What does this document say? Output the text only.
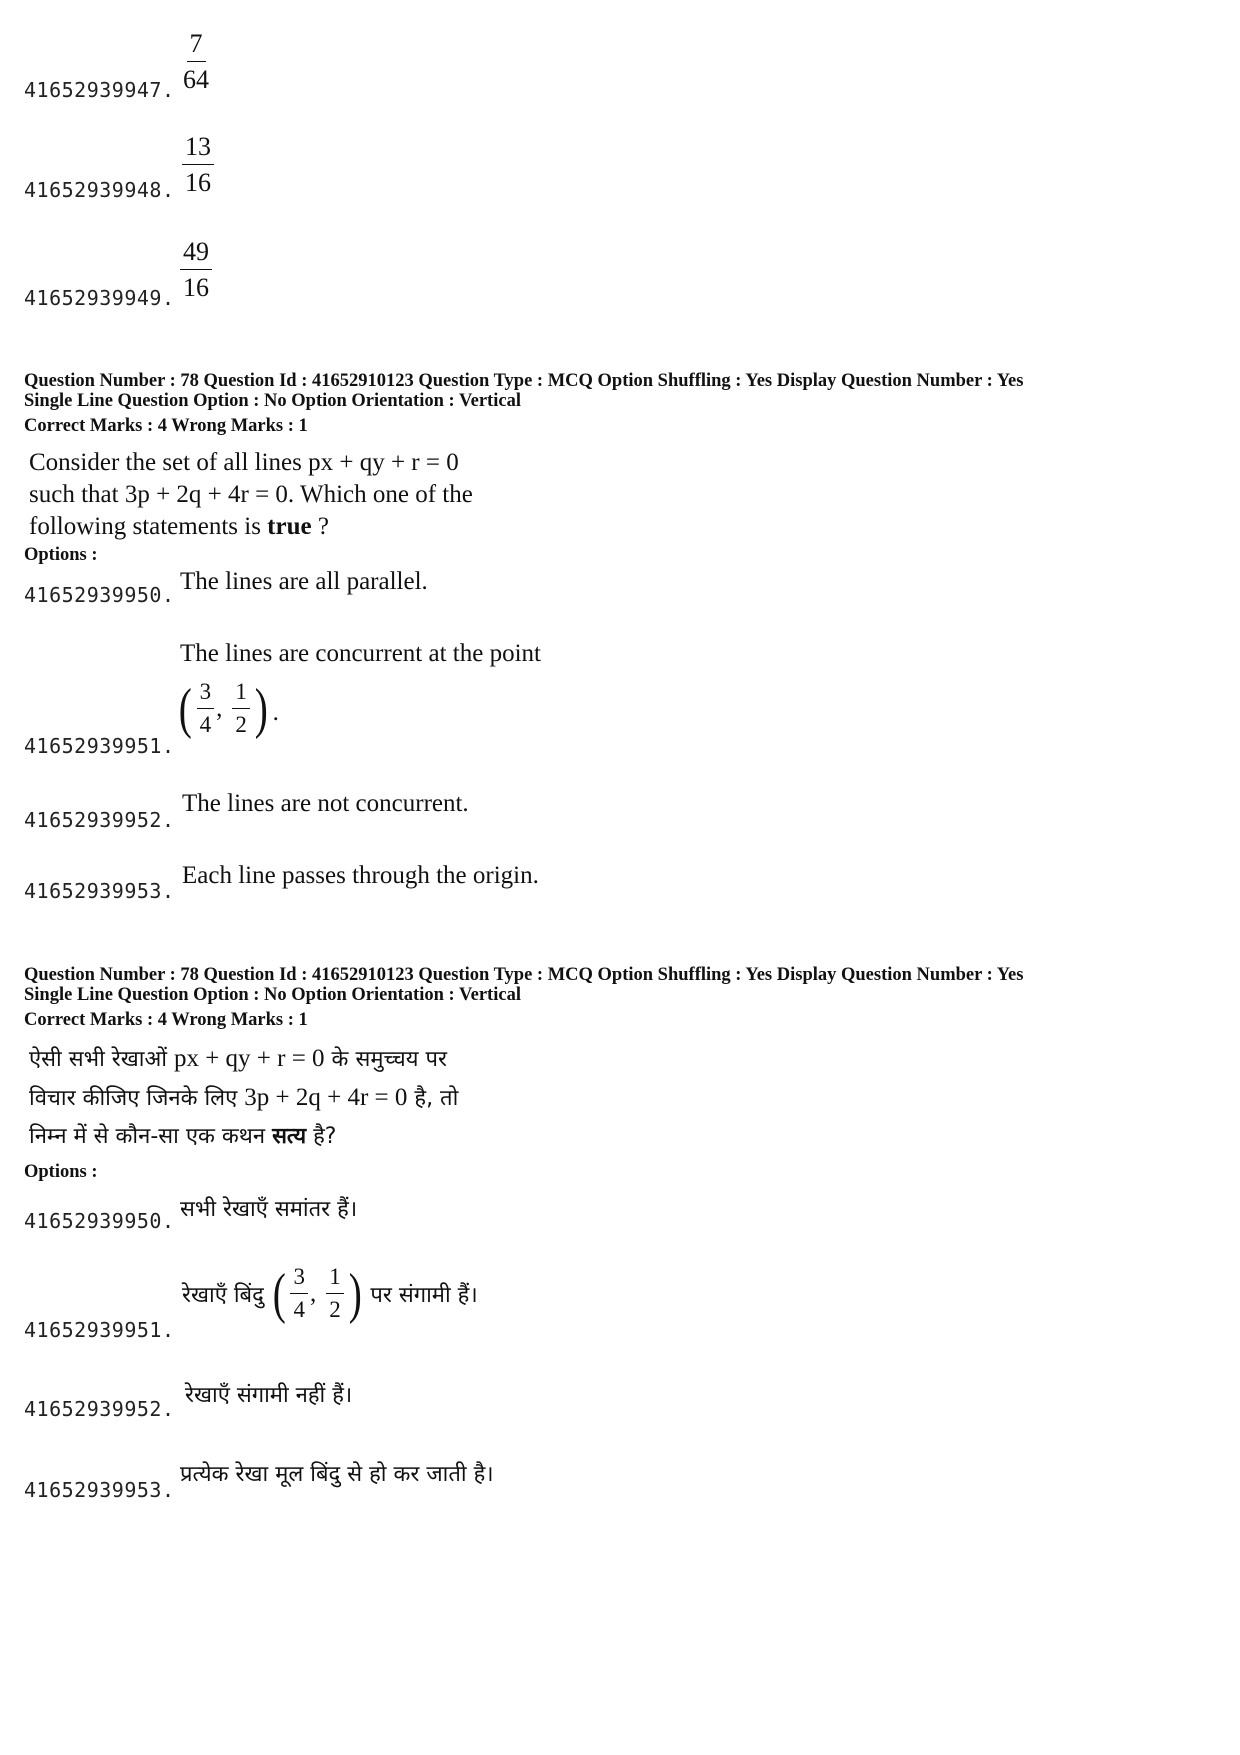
41652939947. $\frac{7}{64}$
41652939948. $\frac{13}{16}$
41652939949. $\frac{49}{16}$
Question Number : 78 Question Id : 41652910123 Question Type : MCQ Option Shuffling : Yes Display Question Number : Yes
Single Line Question Option : No Option Orientation : Vertical
Correct Marks : 4 Wrong Marks : 1
Consider the set of all lines px + qy + r = 0
such that 3p + 2q + 4r = 0. Which one of the
following statements is true ?
Options :
41652939950. The lines are all parallel.
The lines are concurrent at the point
( $\frac{3}{4}$ , $\frac{1}{2}$ ) .
41652939951.
41652939952.
The lines are not concurrent.
41652939953.
Each line passes through the origin.
Question Number : 78 Question Id : 41652910123 Question Type : MCQ Option Shuffling : Yes Display Question Number : Yes
Single Line Question Option : No Option Orientation : Vertical
Correct Marks : 4 Wrong Marks : 1
ऐसी सभी रेखाओं px + qy + r = 0 के समुच्चय पर
विचार कीजिए जिनके लिए 3p + 2q + 4r = 0 है, तो
निम्न में से कौन-सा एक कथन सत्य है?
Options :
41652939950. सभी रेखाएँ समांतर हैं।
रेखाएँ बिंदु ( $\frac{3}{4}$ , $\frac{1}{2}$ ) पर संगामी हैं।
41652939951.
41652939952.
रेखाएँ संगामी नहीं हैं।
41652939953.
प्रत्येक रेखा मूल बिंदु से हो कर जाती है।
